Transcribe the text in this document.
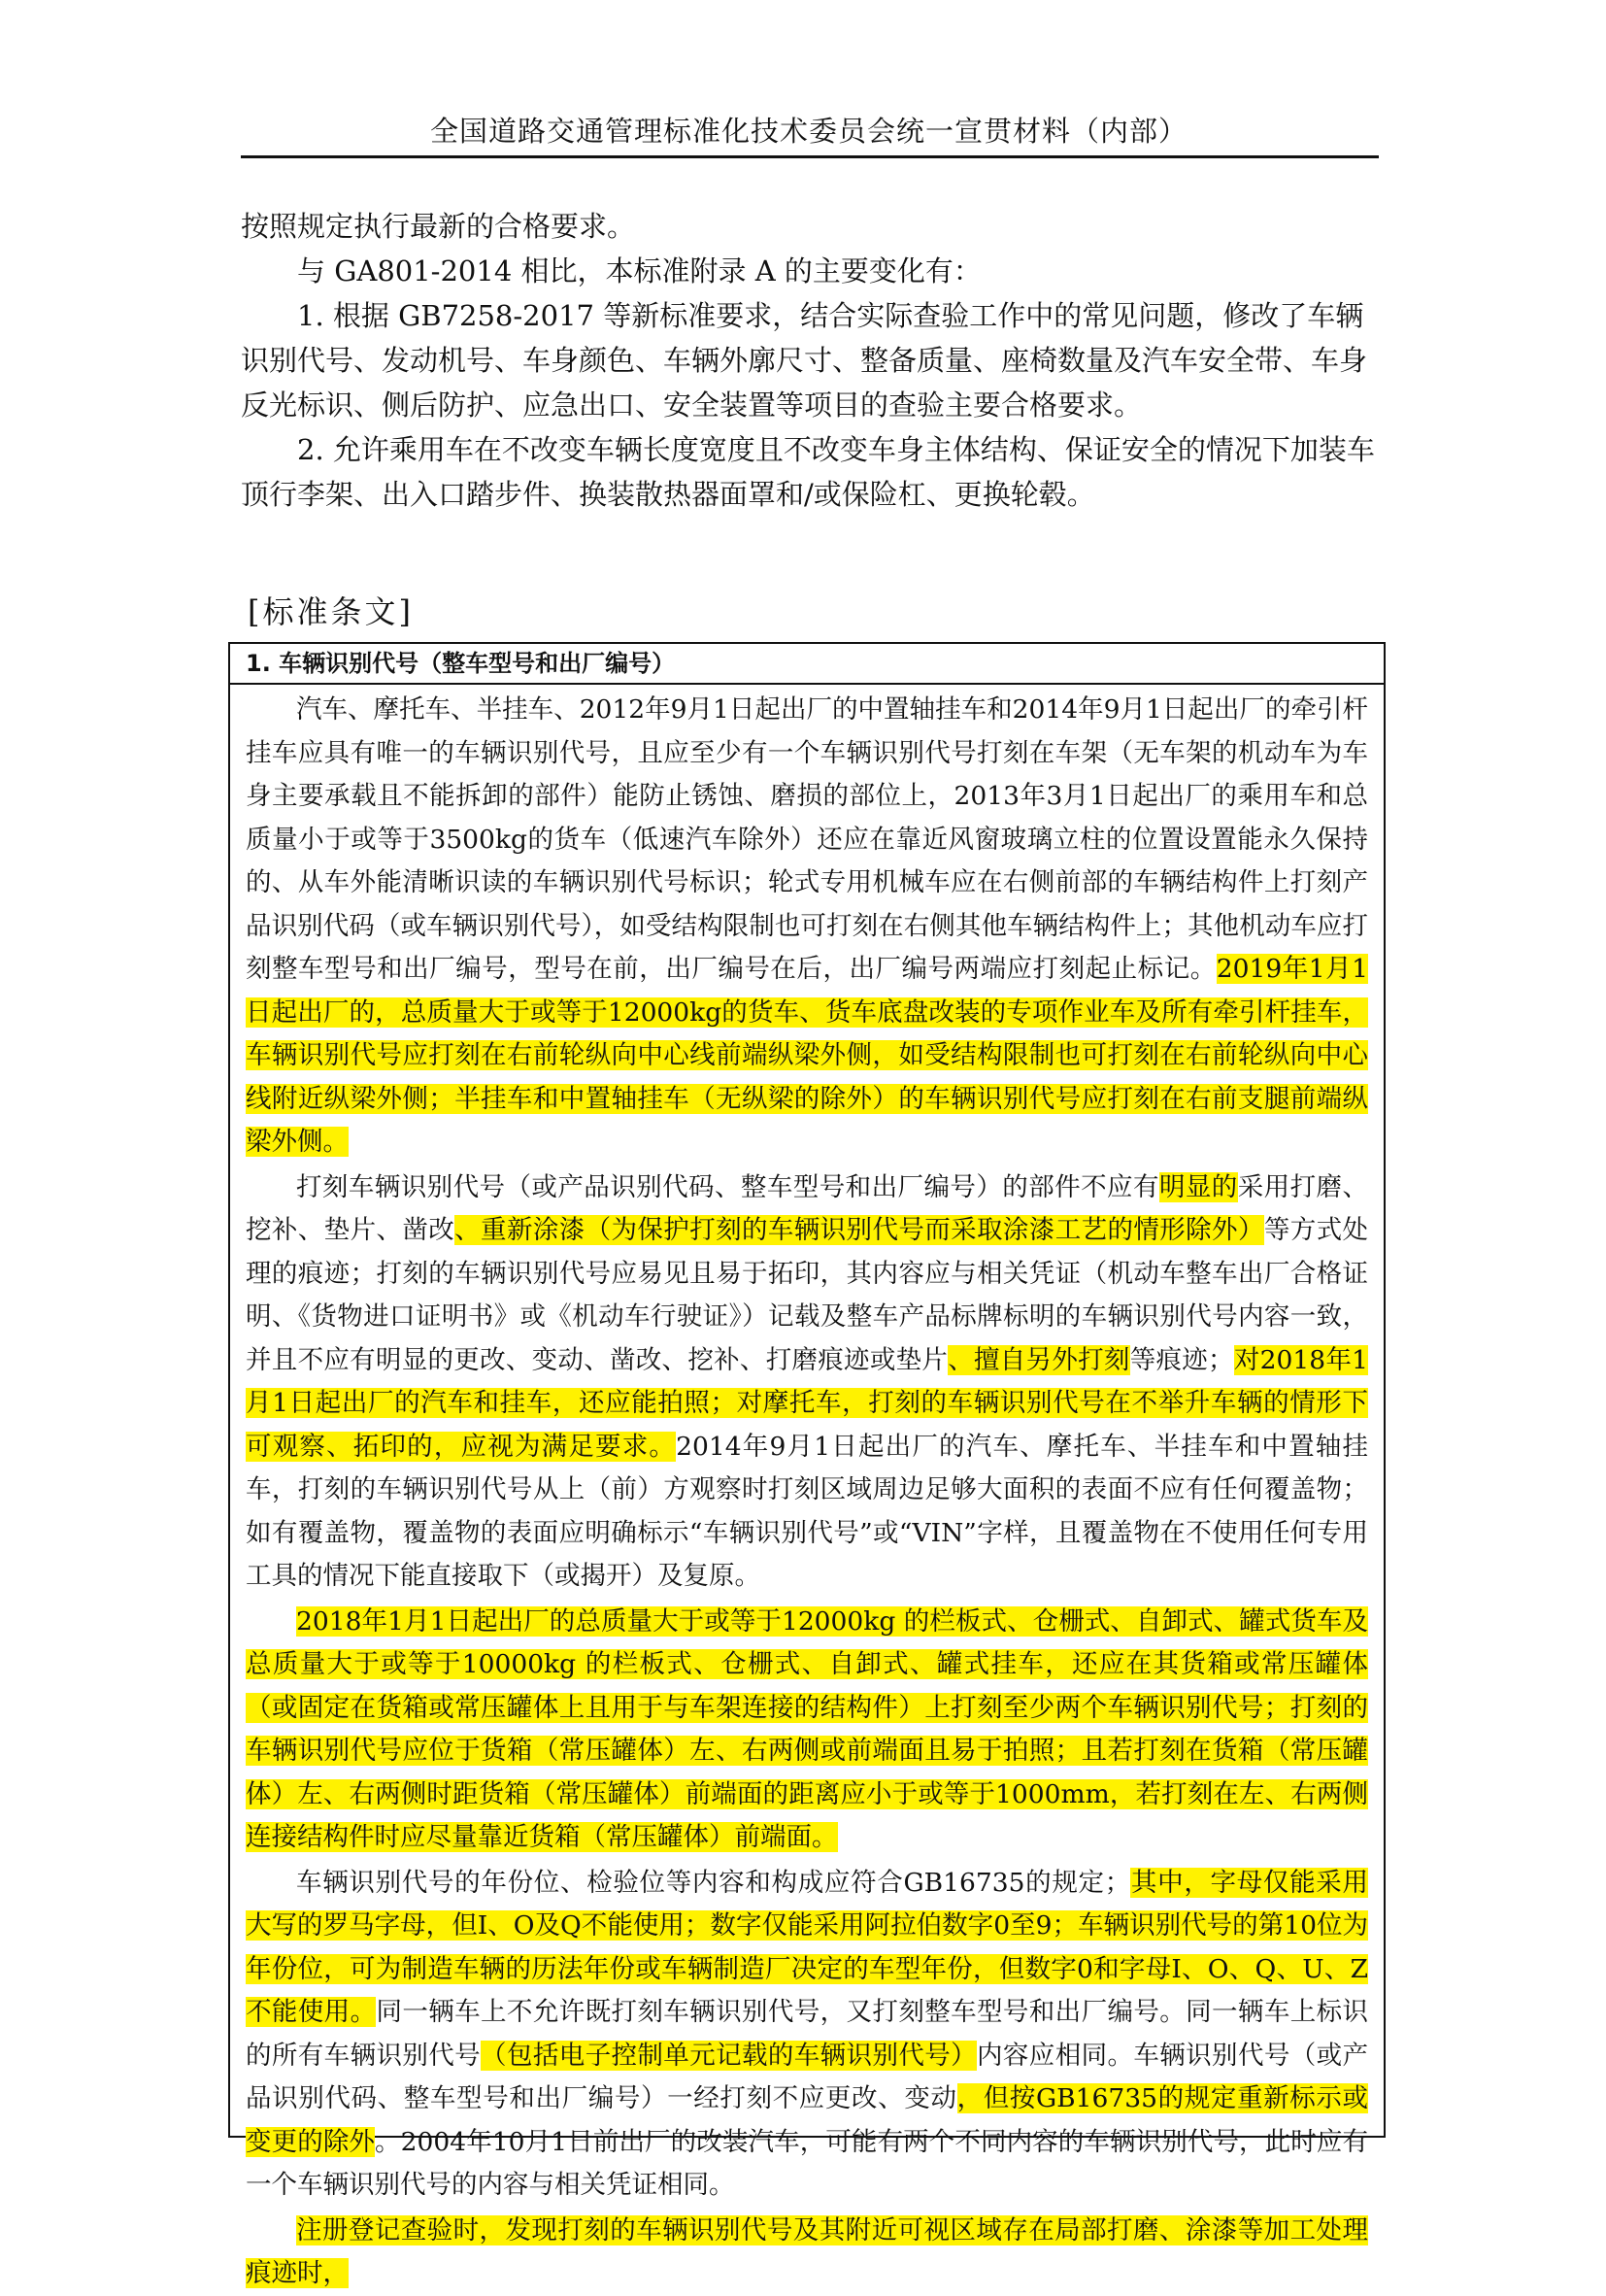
全国道路交通管理标准化技术委员会统一宣贯材料（内部）

按照规定执行最新的合格要求。

与 GA801-2014 相比，本标准附录 A 的主要变化有：

1. 根据 GB7258-2017 等新标准要求，结合实际查验工作中的常见问题，修改了车辆识别代号、发动机号、车身颜色、车辆外廓尺寸、整备质量、座椅数量及汽车安全带、车身反光标识、侧后防护、应急出口、安全装置等项目的查验主要合格要求。

2. 允许乘用车在不改变车辆长度宽度且不改变车身主体结构、保证安全的情况下加装车顶行李架、出入口踏步件、换装散热器面罩和/或保险杠、更换轮毂。

[标准条文]
1. 车辆识别代号（整车型号和出厂编号）

汽车、摩托车、半挂车、2012年9月1日起出厂的中置轴挂车和2014年9月1日起出厂的牵引杆挂车应具有唯一的车辆识别代号，且应至少有一个车辆识别代号打刻在车架（无车架的机动车为车身主要承载且不能拆卸的部件）能防止锈蚀、磨损的部位上，2013年3月1日起出厂的乘用车和总质量小于或等于3500kg的货车（低速汽车除外）还应在靠近风窗玻璃立柱的位置设置能永久保持的、从车外能清晰识读的车辆识别代号标识；轮式专用机械车应在右侧前部的车辆结构件上打刻产品识别代码（或车辆识别代号），如受结构限制也可打刻在右侧其他车辆结构件上；其他机动车应打刻整车型号和出厂编号，型号在前，出厂编号在后，出厂编号两端应打刻起止标记。2019年1月1日起出厂的，总质量大于或等于12000kg的货车、货车底盘改装的专项作业车及所有牵引杆挂车，车辆识别代号应打刻在右前轮纵向中心线前端纵梁外侧，如受结构限制也可打刻在右前轮纵向中心线附近纵梁外侧；半挂车和中置轴挂车（无纵梁的除外）的车辆识别代号应打刻在右前支腿前端纵梁外侧。

打刻车辆识别代号（或产品识别代码、整车型号和出厂编号）的部件不应有明显的采用打磨、挖补、垫片、凿改、重新涂漆（为保护打刻的车辆识别代号而采取涂漆工艺的情形除外）等方式处理的痕迹；打刻的车辆识别代号应易见且易于拓印，其内容应与相关凭证（机动车整车出厂合格证明、《货物进口证明书》或《机动车行驶证》）记载及整车产品标牌标明的车辆识别代号内容一致，并且不应有明显的更改、变动、凿改、挖补、打磨痕迹或垫片、擅自另外打刻等痕迹；对2018年1月1日起出厂的汽车和挂车，还应能拍照；对摩托车，打刻的车辆识别代号在不举升车辆的情形下可观察、拓印的，应视为满足要求。2014年9月1日起出厂的汽车、摩托车、半挂车和中置轴挂车，打刻的车辆识别代号从上（前）方观察时打刻区域周边足够大面积的表面不应有任何覆盖物；如有覆盖物，覆盖物的表面应明确标示“车辆识别代号”或“VIN”字样，且覆盖物在不使用任何专用工具的情况下能直接取下（或揭开）及复原。

2018年1月1日起出厂的总质量大于或等于12000kg 的栏板式、仓栅式、自卸式、罐式货车及总质量大于或等于10000kg 的栏板式、仓栅式、自卸式、罐式挂车，还应在其货箱或常压罐体（或固定在货箱或常压罐体上且用于与车架连接的结构件）上打刻至少两个车辆识别代号；打刻的车辆识别代号应位于货箱（常压罐体）左、右两侧或前端面且易于拍照；且若打刻在货箱（常压罐体）左、右两侧时距货箱（常压罐体）前端面的距离应小于或等于1000mm，若打刻在左、右两侧连接结构件时应尽量靠近货箱（常压罐体）前端面。

车辆识别代号的年份位、检验位等内容和构成应符合GB16735的规定；其中，字母仅能采用大写的罗马字母，但I、O及Q不能使用；数字仅能采用阿拉伯数字0至9；车辆识别代号的第10位为年份位，可为制造车辆的历法年份或车辆制造厂决定的车型年份，但数字0和字母I、O、Q、U、Z不能使用。同一辆车上不允许既打刻车辆识别代号，又打刻整车型号和出厂编号。同一辆车上标识的所有车辆识别代号（包括电子控制单元记载的车辆识别代号）内容应相同。车辆识别代号（或产品识别代码、整车型号和出厂编号）一经打刻不应更改、变动，但按GB16735的规定重新标示或变更的除外。2004年10月1日前出厂的改装汽车，可能有两个不同内容的车辆识别代号，此时应有一个车辆识别代号的内容与相关凭证相同。

注册登记查验时，发现打刻的车辆识别代号及其附近可视区域存在局部打磨、涂漆等加工处理痕迹时，
